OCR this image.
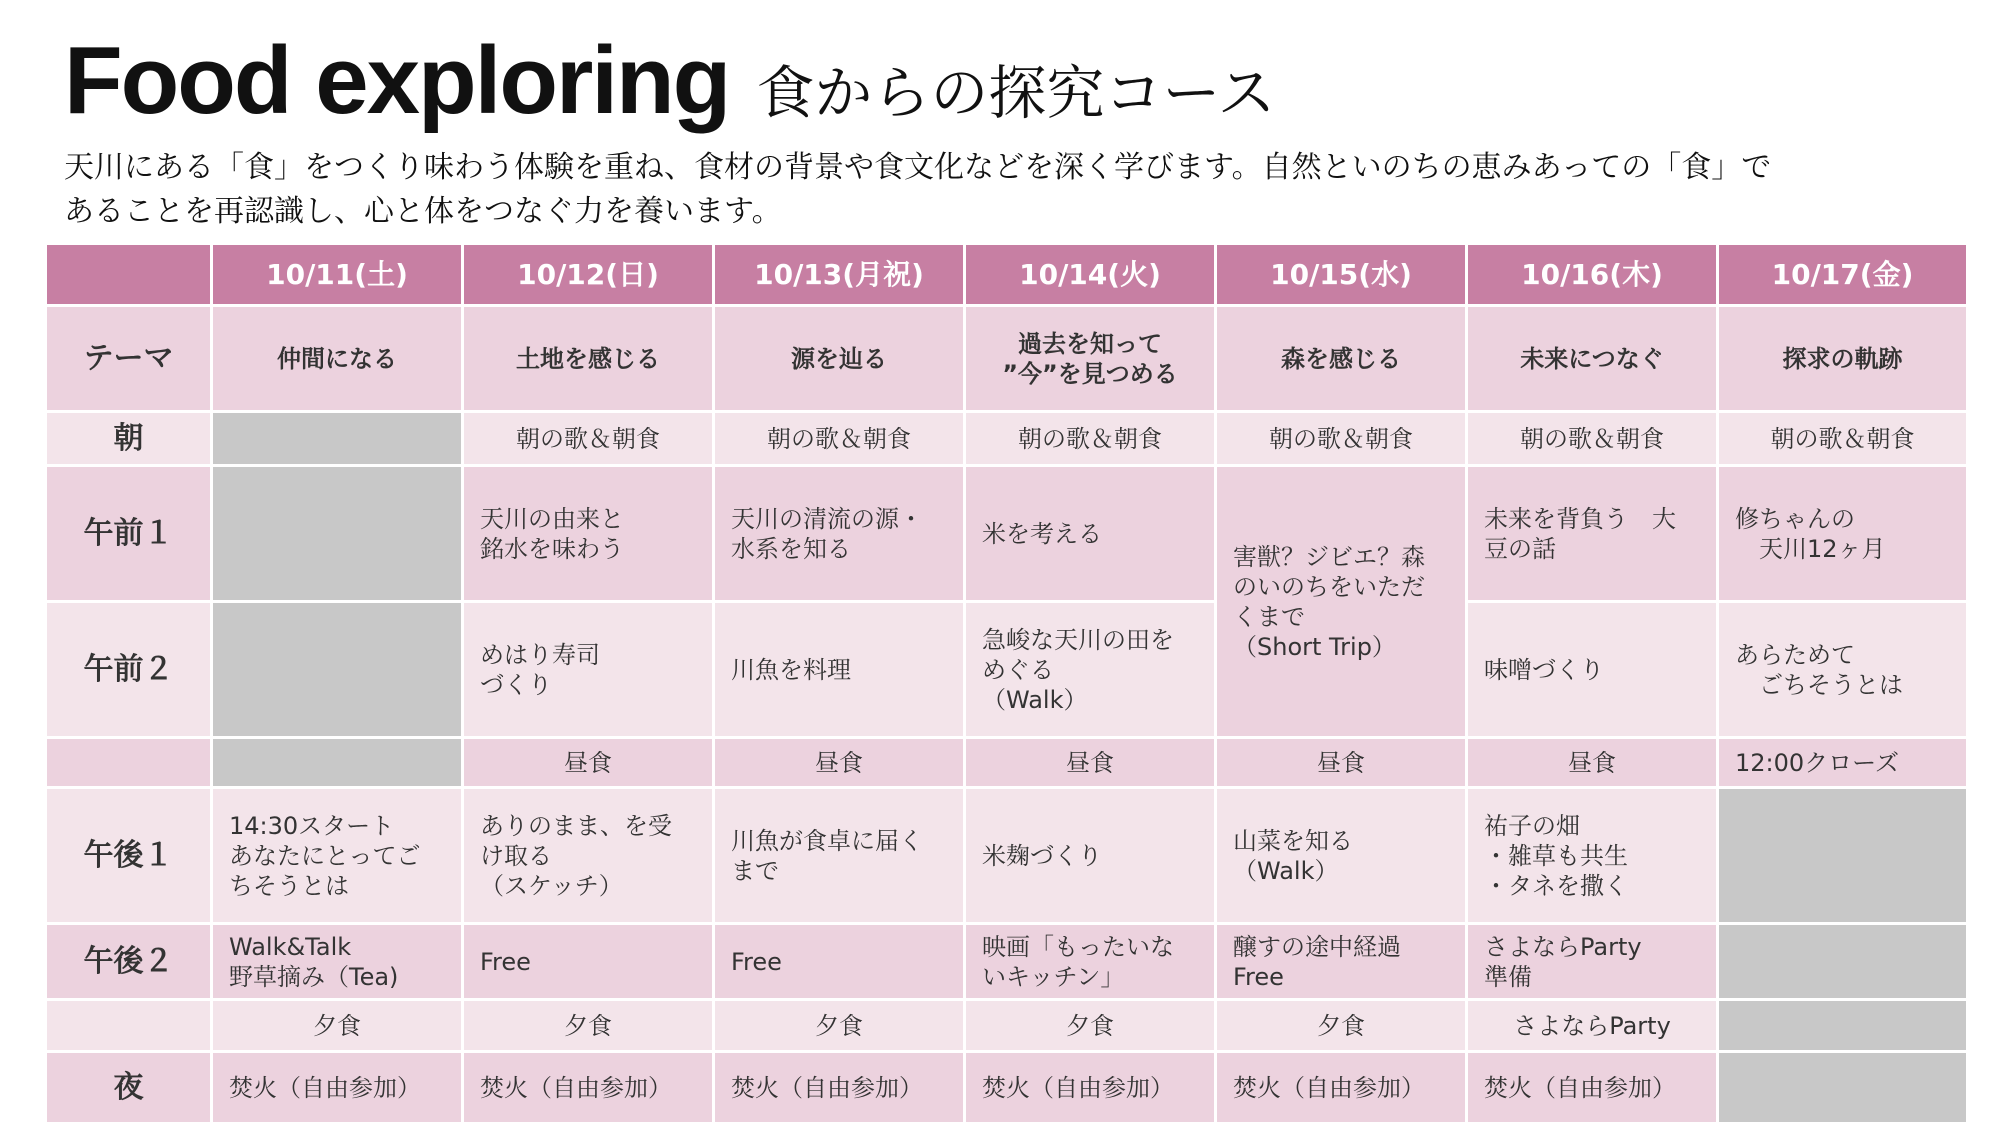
Food exploring 食からの探究コース
天川にある「食」をつくり味わう体験を重ね、食材の背景や食文化などを深く学びます。自然といのちの恵みあっての「食」で
あることを再認識し、心と体をつなぐ力を養います。
	10/11(土)	10/12(日)	10/13(月祝)	10/14(火)	10/15(水)	10/16(木)	10/17(金)
テーマ	仲間になる	土地を感じる	源を辿る	過去を知って
”今”を見つめる	森を感じる	未来につなぐ	探求の軌跡
朝		朝の歌＆朝食	朝の歌＆朝食	朝の歌＆朝食	朝の歌＆朝食	朝の歌＆朝食	朝の歌＆朝食
午前１		天川の由来と
銘水を味わう	天川の清流の源・
水系を知る	米を考える	害獣？ジビエ？森
のいのちをいただ
くまで
（Short Trip）	未来を背負う　大
豆の話	修ちゃんの
　天川12ヶ月
午前２		めはり寿司
づくり	川魚を料理	急峻な天川の田を
めぐる
（Walk）		味噌づくり	あらためて
　ごちそうとは
		昼食	昼食	昼食	昼食	昼食	12:00クローズ
午後１	14:30スタート
あなたにとってご
ちそうとは	ありのまま、を受
け取る
（スケッチ）	川魚が食卓に届く
まで	米麹づくり	山菜を知る
（Walk）	祐子の畑
・雑草も共生
・タネを撒く	
午後２	Walk&Talk
野草摘み（Tea)	Free	Free	映画「もったいな
いキッチン」	醸すの途中経過
Free	さよならParty
準備	
	夕食	夕食	夕食	夕食	夕食	さよならParty	
夜	焚火（自由参加）	焚火（自由参加）	焚火（自由参加）	焚火（自由参加）	焚火（自由参加）	焚火（自由参加）	
